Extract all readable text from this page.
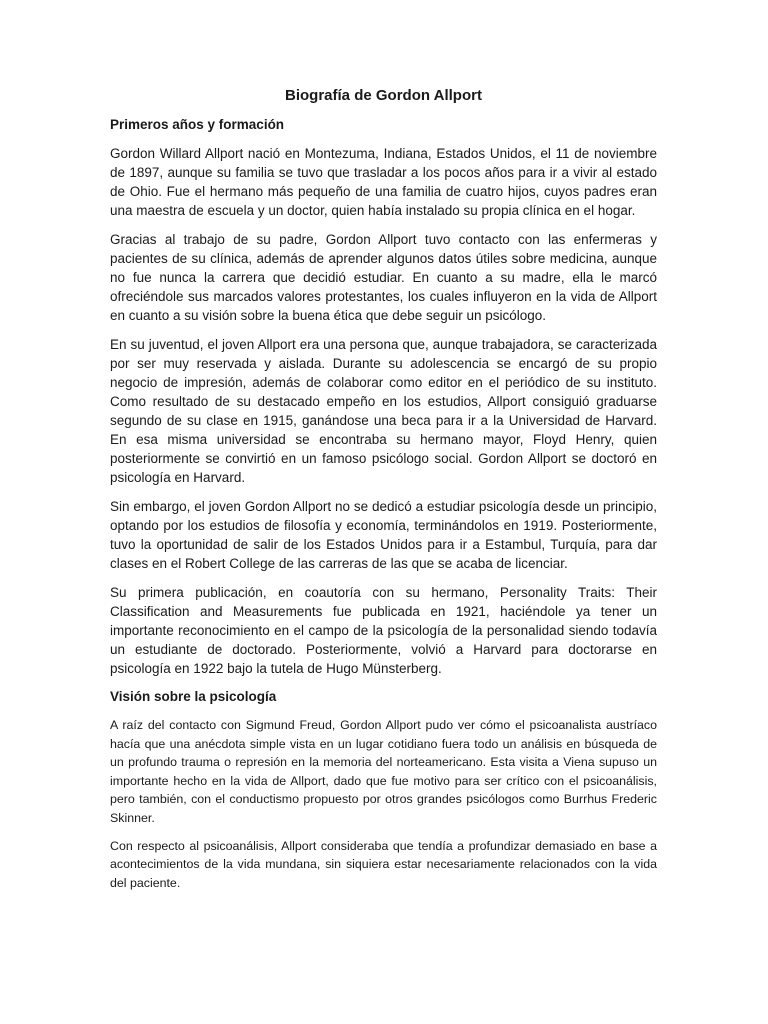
Biografía de Gordon Allport
Primeros años y formación

Gordon Willard Allport nació en Montezuma, Indiana, Estados Unidos, el 11 de noviembre de 1897, aunque su familia se tuvo que trasladar a los pocos años para ir a vivir al estado de Ohio. Fue el hermano más pequeño de una familia de cuatro hijos, cuyos padres eran una maestra de escuela y un doctor, quien había instalado su propia clínica en el hogar.

Gracias al trabajo de su padre, Gordon Allport tuvo contacto con las enfermeras y pacientes de su clínica, además de aprender algunos datos útiles sobre medicina, aunque no fue nunca la carrera que decidió estudiar. En cuanto a su madre, ella le marcó ofreciéndole sus marcados valores protestantes, los cuales influyeron en la vida de Allport en cuanto a su visión sobre la buena ética que debe seguir un psicólogo.

En su juventud, el joven Allport era una persona que, aunque trabajadora, se caracterizada por ser muy reservada y aislada. Durante su adolescencia se encargó de su propio negocio de impresión, además de colaborar como editor en el periódico de su instituto. Como resultado de su destacado empeño en los estudios, Allport consiguió graduarse segundo de su clase en 1915, ganándose una beca para ir a la Universidad de Harvard. En esa misma universidad se encontraba su hermano mayor, Floyd Henry, quien posteriormente se convirtió en un famoso psicólogo social. Gordon Allport se doctoró en psicología en Harvard.

Sin embargo, el joven Gordon Allport no se dedicó a estudiar psicología desde un principio, optando por los estudios de filosofía y economía, terminándolos en 1919. Posteriormente, tuvo la oportunidad de salir de los Estados Unidos para ir a Estambul, Turquía, para dar clases en el Robert College de las carreras de las que se acaba de licenciar.

Su primera publicación, en coautoría con su hermano, Personality Traits: Their Classification and Measurements fue publicada en 1921, haciéndole ya tener un importante reconocimiento en el campo de la psicología de la personalidad siendo todavía un estudiante de doctorado. Posteriormente, volvió a Harvard para doctorarse en psicología en 1922 bajo la tutela de Hugo Münsterberg.

Visión sobre la psicología

A raíz del contacto con Sigmund Freud, Gordon Allport pudo ver cómo el psicoanalista austríaco hacía que una anécdota simple vista en un lugar cotidiano fuera todo un análisis en búsqueda de un profundo trauma o represión en la memoria del norteamericano. Esta visita a Viena supuso un importante hecho en la vida de Allport, dado que fue motivo para ser crítico con el psicoanálisis, pero también, con el conductismo propuesto por otros grandes psicólogos como Burrhus Frederic Skinner.

Con respecto al psicoanálisis, Allport consideraba que tendía a profundizar demasiado en base a acontecimientos de la vida mundana, sin siquiera estar necesariamente relacionados con la vida del paciente.
